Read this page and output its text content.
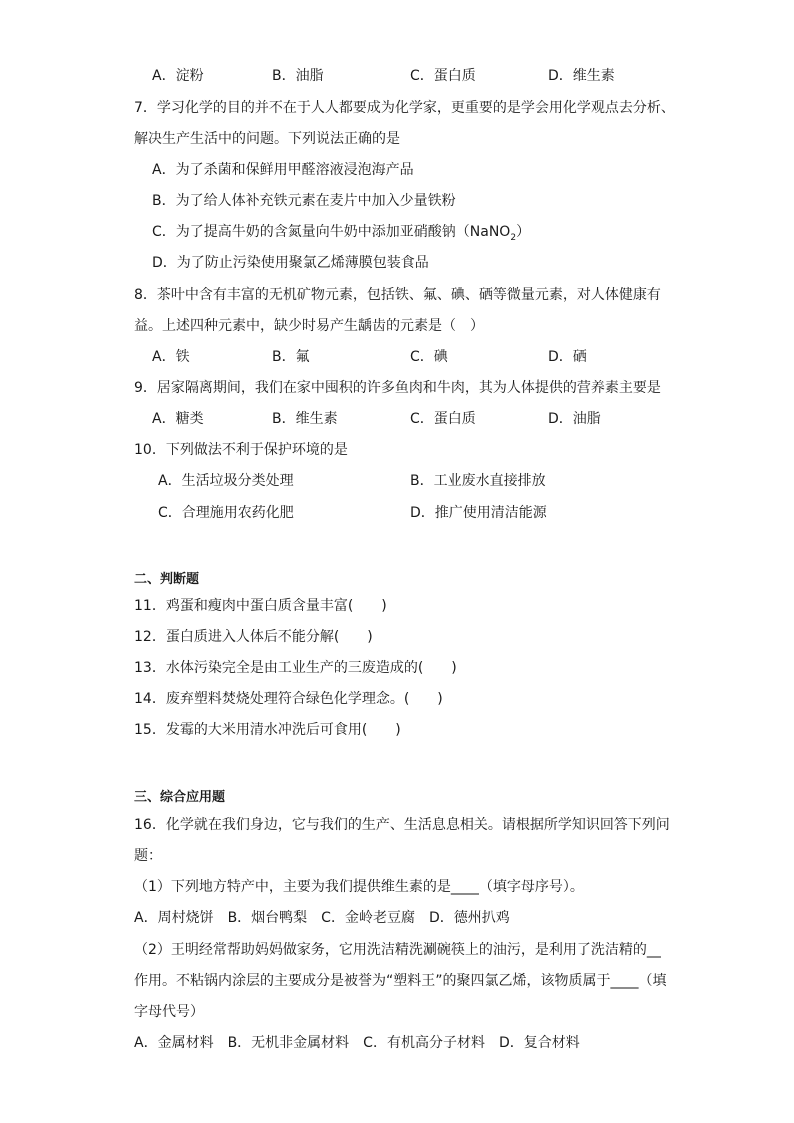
A．淀粉	B．油脂	C．蛋白质	D．维生素
7．学习化学的目的并不在于人人都要成为化学家，更重要的是学会用化学观点去分析、
解决生产生活中的问题。下列说法正确的是
A．为了杀菌和保鲜用甲醛溶液浸泡海产品
B．为了给人体补充铁元素在麦片中加入少量铁粉
C．为了提高牛奶的含氮量向牛奶中添加亚硝酸钠（NaNO$_2$）
D．为了防止污染使用聚氯乙烯薄膜包装食品
8．茶叶中含有丰富的无机矿物元素，包括铁、氟、碘、硒等微量元素，对人体健康有
益。上述四种元素中，缺少时易产生龋齿的元素是（　）
A．铁	B．氟	C．碘	D．硒
9．居家隔离期间，我们在家中囤积的许多鱼肉和牛肉，其为人体提供的营养素主要是
A．糖类	B．维生素	C．蛋白质	D．油脂
10．下列做法不利于保护环境的是
A．生活垃圾分类处理	B．工业废水直接排放
C．合理施用农药化肥	D．推广使用清洁能源
二、判断题
11．鸡蛋和瘦肉中蛋白质含量丰富(　　)
12．蛋白质进入人体后不能分解(　　)
13．水体污染完全是由工业生产的三废造成的(　　)
14．废弃塑料焚烧处理符合绿色化学理念。(　　)
15．发霉的大米用清水冲洗后可食用(　　)
三、综合应用题
16．化学就在我们身边，它与我们的生产、生活息息相关。请根据所学知识回答下列问
题：
（1）下列地方特产中，主要为我们提供维生素的是____（填字母序号）。
A．周村烧饼　B．烟台鸭梨　C．金岭老豆腐　D．德州扒鸡
（2）王明经常帮助妈妈做家务，它用洗洁精洗涮碗筷上的油污，是利用了洗洁精的__
作用。不粘锅内涂层的主要成分是被誉为“塑料王”的聚四氯乙烯，该物质属于____（填
字母代号）
A．金属材料　B．无机非金属材料　C．有机高分子材料　D．复合材料
